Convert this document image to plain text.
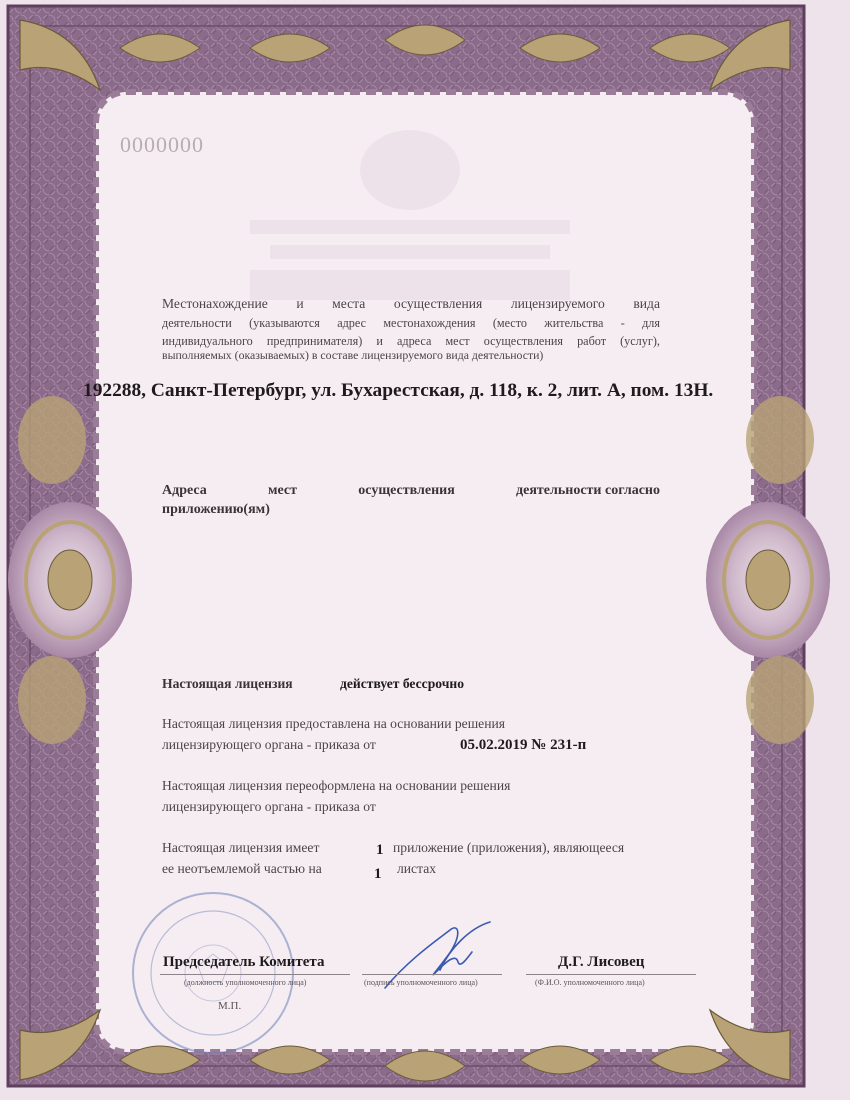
0000000
Местонахождение и места осуществления лицензируемого вида
деятельности (указываются адрес местонахождения (место жительства - для
индивидуального предпринимателя) и адреса мест осуществления работ (услуг),
выполняемых (оказываемых) в составе лицензируемого вида деятельности)
192288, Санкт-Петербург, ул. Бухарестская, д. 118, к. 2, лит. А, пом. 13Н.
Адреса	мест	осуществления	деятельности согласно
приложению(ям)
Настоящая лицензия	действует бессрочно
Настоящая лицензия предоставлена на основании решения
лицензирующего органа - приказа от	05.02.2019 № 231-п
Настоящая лицензия переоформлена на основании решения
лицензирующего органа - приказа от
Настоящая лицензия имеет	1 приложение (приложения), являющееся
ее неотъемлемой частью на	1 листах
Председатель Комитета
(должность уполномоченного лица)	(подпись уполномоченного лица)
Д.Г. Лисовец
(Ф.И.О. уполномоченного лица)
М.П.
